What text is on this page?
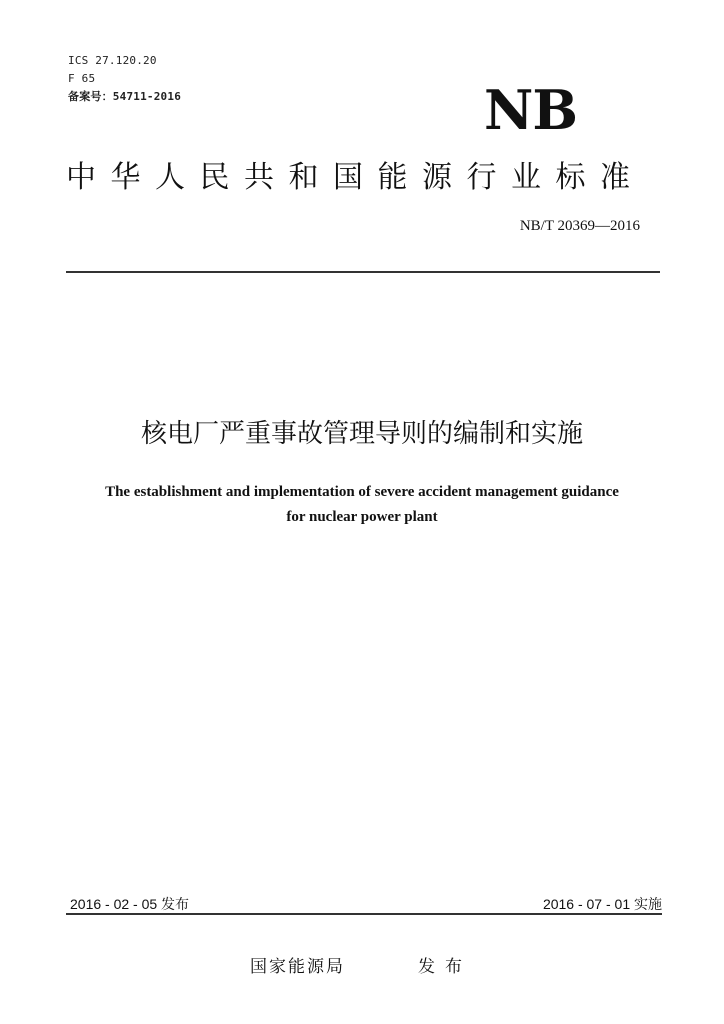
ICS 27.120.20
F 65
备案号：54711-2016	NB
中华人民共和国能源行业标准
NB/T 20369—2016
核电厂严重事故管理导则的编制和实施
The establishment and implementation of severe accident management guidance
for nuclear power plant
2016 - 02 - 05 发布	2016 - 07 - 01 实施
国家能源局	发布
